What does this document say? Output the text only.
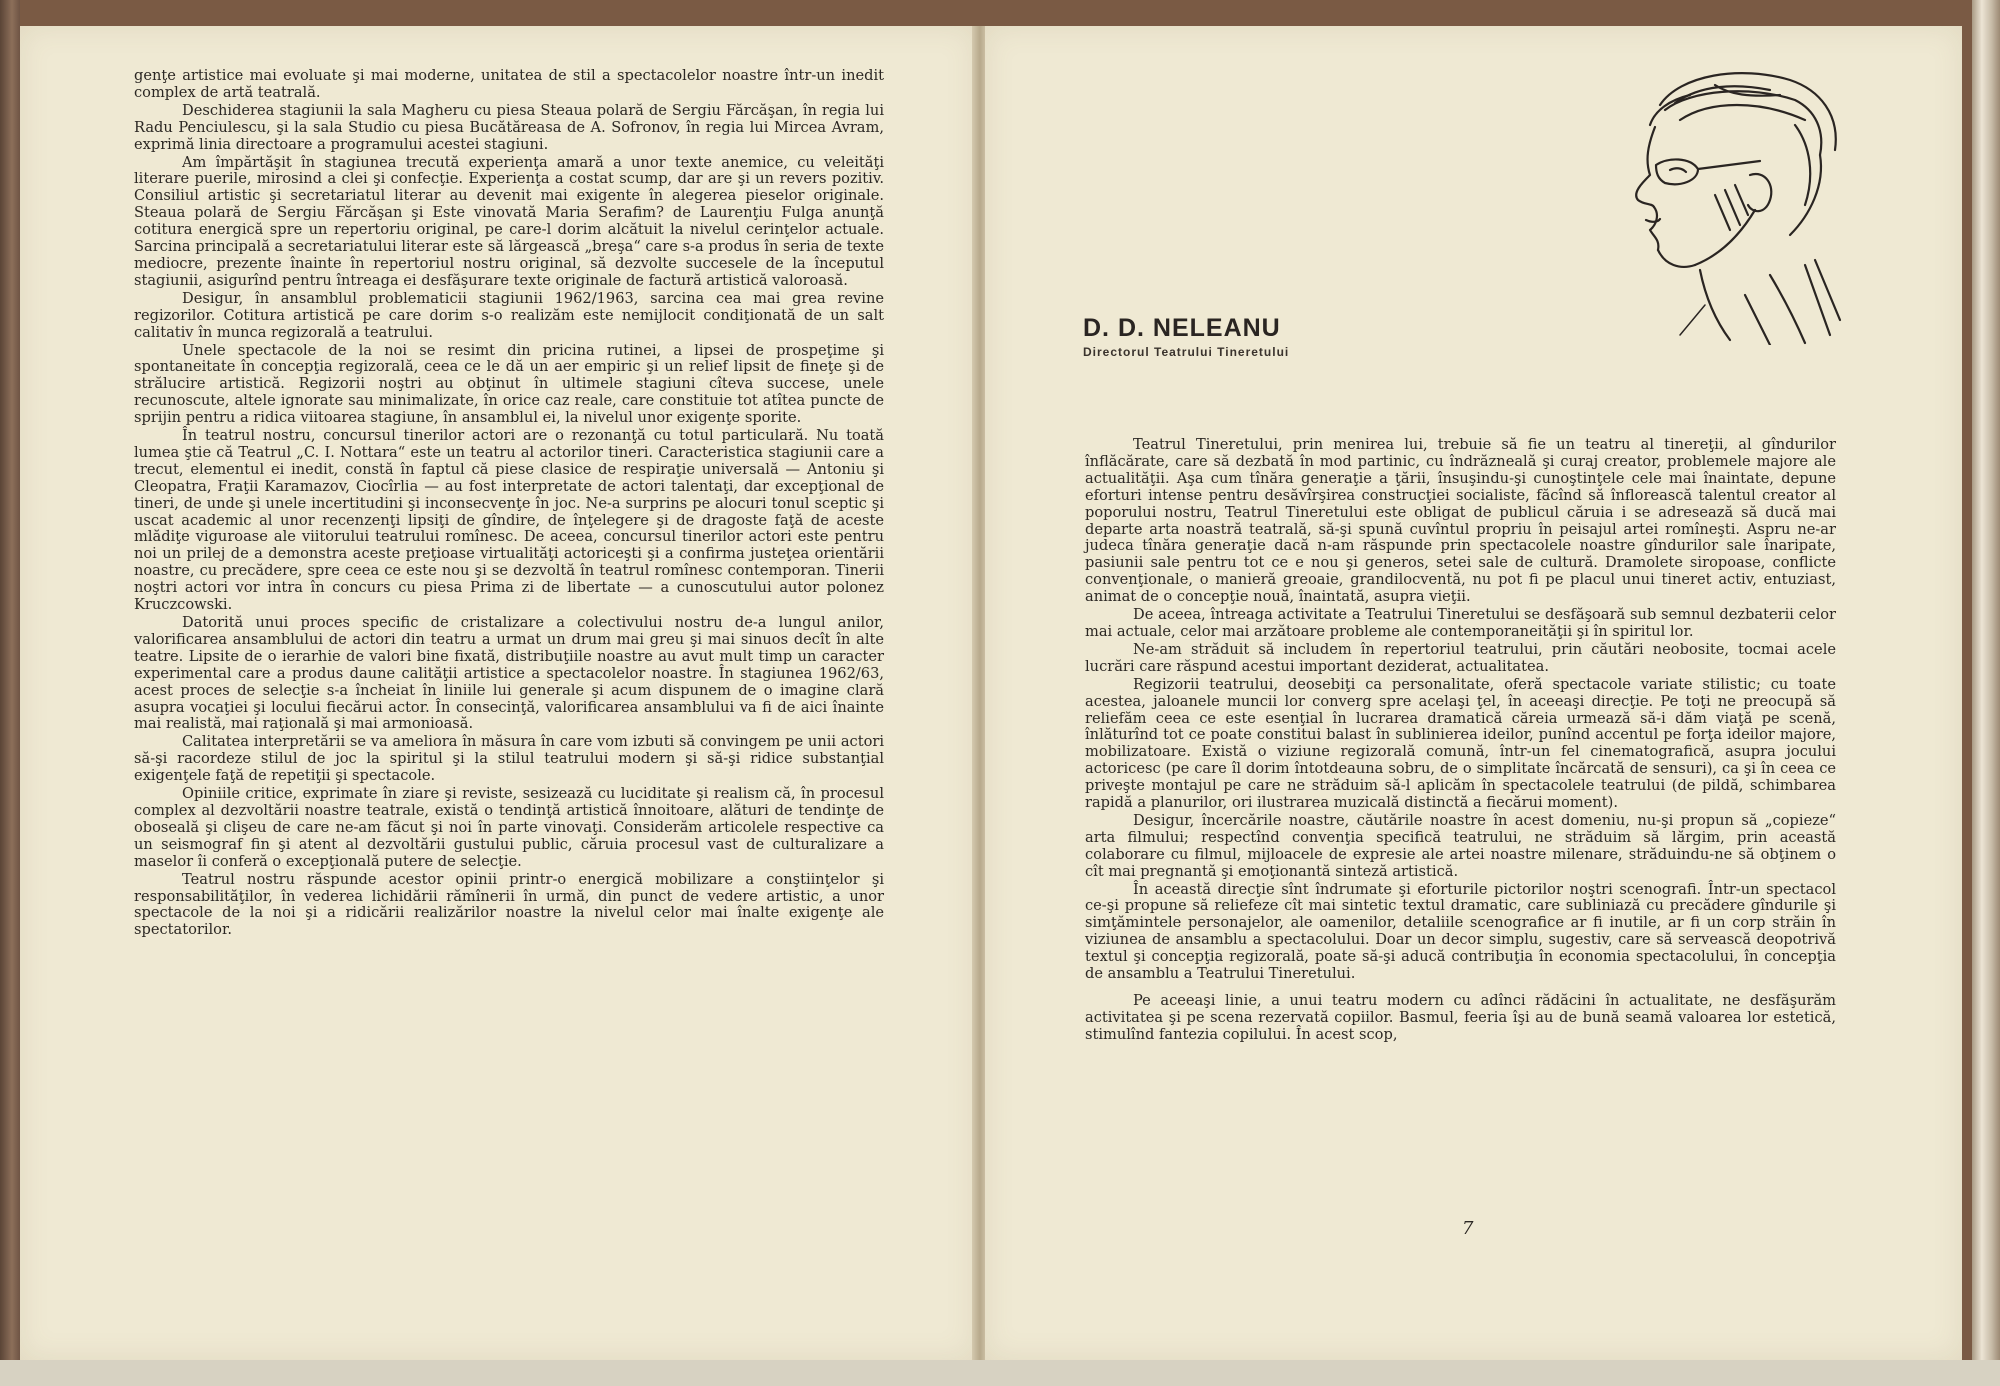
genţe artistice mai evoluate şi mai moderne, unitatea de stil a spectacolelor noastre într-un inedit complex de artă teatrală.

Deschiderea stagiunii la sala Magheru cu piesa Steaua polară de Sergiu Fărcăşan, în regia lui Radu Penciulescu, şi la sala Studio cu piesa Bucătăreasa de A. Sofronov, în regia lui Mircea Avram, exprimă linia directoare a programului acestei stagiuni.

Am împărtăşit în stagiunea trecută experienţa amară a unor texte anemice, cu veleităţi literare puerile, mirosind a clei şi confecţie. Experienţa a costat scump, dar are şi un revers pozitiv. Consiliul artistic şi secretariatul literar au devenit mai exigente în alegerea pieselor originale. Steaua polară de Sergiu Fărcăşan şi Este vinovată Maria Serafim? de Laurenţiu Fulga anunţă cotitura energică spre un repertoriu original, pe care-l dorim alcătuit la nivelul cerinţelor actuale. Sarcina principală a secretariatului literar este să lărgească „breşa“ care s-a produs în seria de texte mediocre, prezente înainte în repertoriul nostru original, să dezvolte succesele de la începutul stagiunii, asigurînd pentru întreaga ei desfăşurare texte originale de factură artistică valoroasă.

Desigur, în ansamblul problematicii stagiunii 1962/1963, sarcina cea mai grea revine regizorilor. Cotitura artistică pe care dorim s-o realizăm este nemijlocit condiţionată de un salt calitativ în munca regizorală a teatrului.

Unele spectacole de la noi se resimt din pricina rutinei, a lipsei de prospeţime şi spontaneitate în concepţia regizorală, ceea ce le dă un aer empiric şi un relief lipsit de fineţe şi de strălucire artistică. Regizorii noştri au obţinut în ultimele stagiuni cîteva succese, unele recunoscute, altele ignorate sau minimalizate, în orice caz reale, care constituie tot atîtea puncte de sprijin pentru a ridica viitoarea stagiune, în ansamblul ei, la nivelul unor exigenţe sporite.

În teatrul nostru, concursul tinerilor actori are o rezonanţă cu totul particulară. Nu toată lumea ştie că Teatrul „C. I. Nottara“ este un teatru al actorilor tineri. Caracteristica stagiunii care a trecut, elementul ei inedit, constă în faptul că piese clasice de respiraţie universală — Antoniu şi Cleopatra, Fraţii Karamazov, Ciocîrlia — au fost interpretate de actori talentaţi, dar excepţional de tineri, de unde şi unele incertitudini şi inconsecvenţe în joc. Ne-a surprins pe alocuri tonul sceptic şi uscat academic al unor recenzenţi lipsiţi de gîndire, de înţelegere şi de dragoste faţă de aceste mlădiţe viguroase ale viitorului teatrului romînesc. De aceea, concursul tinerilor actori este pentru noi un prilej de a demonstra aceste preţioase virtualităţi actoriceşti şi a confirma justeţea orientării noastre, cu precădere, spre ceea ce este nou şi se dezvoltă în teatrul romînesc contemporan. Tinerii noştri actori vor intra în concurs cu piesa Prima zi de libertate — a cunoscutului autor polonez Kruczcowski.

Datorită unui proces specific de cristalizare a colectivului nostru de-a lungul anilor, valorificarea ansamblului de actori din teatru a urmat un drum mai greu şi mai sinuos decît în alte teatre. Lipsite de o ierarhie de valori bine fixată, distribuţiile noastre au avut mult timp un caracter experimental care a produs daune calităţii artistice a spectacolelor noastre. În stagiunea 1962/63, acest proces de selecţie s-a încheiat în liniile lui generale şi acum dispunem de o imagine clară asupra vocaţiei şi locului fiecărui actor. În consecinţă, valorificarea ansamblului va fi de aici înainte mai realistă, mai raţională şi mai armonioasă.

Calitatea interpretării se va ameliora în măsura în care vom izbuti să convingem pe unii actori să-şi racordeze stilul de joc la spiritul şi la stilul teatrului modern şi să-şi ridice substanţial exigenţele faţă de repetiţii şi spectacole.

Opiniile critice, exprimate în ziare şi reviste, sesizează cu luciditate şi realism că, în procesul complex al dezvoltării noastre teatrale, există o tendinţă artistică înnoitoare, alături de tendinţe de oboseală şi clişeu de care ne-am făcut şi noi în parte vinovaţi. Considerăm articolele respective ca un seismograf fin şi atent al dezvoltării gustului public, căruia procesul vast de culturalizare a maselor îi conferă o excepţională putere de selecţie.

Teatrul nostru răspunde acestor opinii printr-o energică mobilizare a conştiinţelor şi responsabilităţilor, în vederea lichidării rămînerii în urmă, din punct de vedere artistic, a unor spectacole de la noi şi a ridicării realizărilor noastre la nivelul celor mai înalte exigenţe ale spectatorilor.

D. D. NELEANU
Directorul Teatrului Tineretului

Teatrul Tineretului, prin menirea lui, trebuie să fie un teatru al tinereţii, al gîndurilor înflăcărate, care să dezbată în mod partinic, cu îndrăzneală şi curaj creator, problemele majore ale actualităţii. Aşa cum tînăra generaţie a ţării, însuşindu-şi cunoştinţele cele mai înaintate, depune eforturi intense pentru desăvîrşirea construcţiei socialiste, făcînd să înflorească talentul creator al poporului nostru, Teatrul Tineretului este obligat de publicul căruia i se adresează să ducă mai departe arta noastră teatrală, să-şi spună cuvîntul propriu în peisajul artei romîneşti. Aspru ne-ar judeca tînăra generaţie dacă n-am răspunde prin spectacolele noastre gîndurilor sale înaripate, pasiunii sale pentru tot ce e nou şi generos, setei sale de cultură. Dramolete siropoase, conflicte convenţionale, o manieră greoaie, grandilocventă, nu pot fi pe placul unui tineret activ, entuziast, animat de o concepţie nouă, înaintată, asupra vieţii.

De aceea, întreaga activitate a Teatrului Tineretului se desfăşoară sub semnul dezbaterii celor mai actuale, celor mai arzătoare probleme ale contemporaneităţii şi în spiritul lor.

Ne-am străduit să includem în repertoriul teatrului, prin căutări neobosite, tocmai acele lucrări care răspund acestui important deziderat, actualitatea.

Regizorii teatrului, deosebiţi ca personalitate, oferă spectacole variate stilistic; cu toate acestea, jaloanele muncii lor converg spre acelaşi ţel, în aceeaşi direcţie. Pe toţi ne preocupă să reliefăm ceea ce este esenţial în lucrarea dramatică căreia urmează să-i dăm viaţă pe scenă, înlăturînd tot ce poate constitui balast în sublinierea ideilor, punînd accentul pe forţa ideilor majore, mobilizatoare. Există o viziune regizorală comună, într-un fel cinematografică, asupra jocului actoricesc (pe care îl dorim întotdeauna sobru, de o simplitate încărcată de sensuri), ca şi în ceea ce priveşte montajul pe care ne străduim să-l aplicăm în spectacolele teatrului (de pildă, schimbarea rapidă a planurilor, ori ilustrarea muzicală distinctă a fiecărui moment).

Desigur, încercările noastre, căutările noastre în acest domeniu, nu-şi propun să „copieze“ arta filmului; respectînd convenţia specifică teatrului, ne străduim să lărgim, prin această colaborare cu filmul, mijloacele de expresie ale artei noastre milenare, străduindu-ne să obţinem o cît mai pregnantă şi emoţionantă sinteză artistică.

În această direcţie sînt îndrumate şi eforturile pictorilor noştri scenografi. Într-un spectacol ce-şi propune să reliefeze cît mai sintetic textul dramatic, care subliniază cu precădere gîndurile şi simţămintele personajelor, ale oamenilor, detaliile scenografice ar fi inutile, ar fi un corp străin în viziunea de ansamblu a spectacolului. Doar un decor simplu, sugestiv, care să servească deopotrivă textul şi concepţia regizorală, poate să-şi aducă contribuţia în economia spectacolului, în concepţia de ansamblu a Teatrului Tineretului.

Pe aceeaşi linie, a unui teatru modern cu adînci rădăcini în actualitate, ne desfăşurăm activitatea şi pe scena rezervată copiilor. Basmul, feeria îşi au de bună seamă valoarea lor estetică, stimulînd fantezia copilului. În acest scop,

7
